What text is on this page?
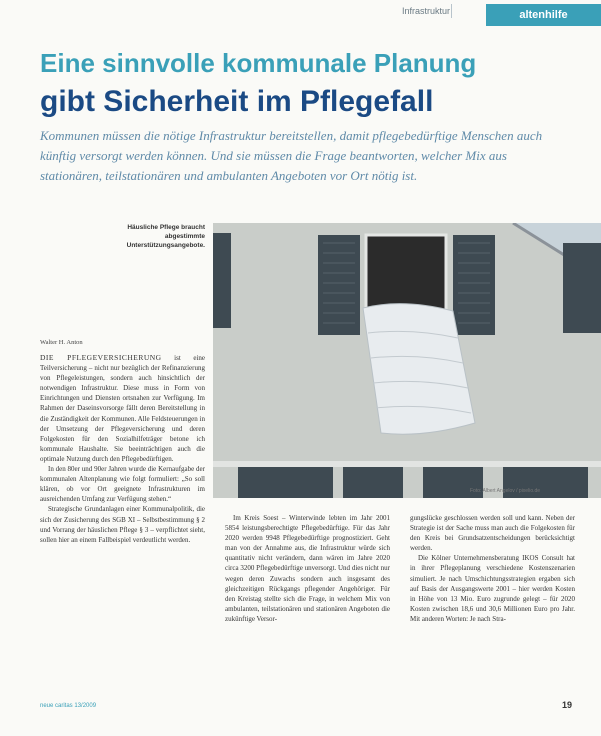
Infrastruktur	altenhilfe
Eine sinnvolle kommunale Planung
gibt Sicherheit im Pflegefall
Kommunen müssen die nötige Infrastruktur bereitstellen, damit pflegebedürftige Menschen auch künftig versorgt werden können. Und sie müssen die Frage beantworten, welcher Mix aus stationären, teilstationären und ambulanten Angeboten vor Ort nötig ist.
Häusliche Pflege braucht abgestimmte Unterstützungsangebote.
Foto: Albert Angelov / pixelio.de
Walter H. Anton

DIE PFLEGEVERSICHERUNG ist eine Teilversicherung – nicht nur bezüglich der Refinanzierung von Pflegeleistungen, sondern auch hinsichtlich der notwendigen Infrastruktur. Diese muss in Form von Einrichtungen und Diensten ortsnahen zur Verfügung. Im Rahmen der Daseinsvorsorge fällt deren Bereitstellung in die Zuständigkeit der Kommunen. Alle Feldsteuerungen in der Umsetzung der Pflegeversicherung und deren Folgekosten für den Sozialhilfeträger betone ich kommunale Haushalte. Sie beeinträchtigen auch die optimale Nutzung durch den Pflegebedürftigen.

In den 80er und 90er Jahren wurde die Kernaufgabe der kommunalen Altenplanung wie folgt formuliert: „So soll klären, ob vor Ort geeignete Infrastrukturen im ausreichenden Umfang zur Verfügung stehen.“

Strategische Grundanlagen einer Kommunalpolitik, die sich der Zusicherung des SGB XI – Selbstbestimmung § 2 und Vorrang der häuslichen Pflege § 3 – verpflichtet sieht, sollen hier an einem Fallbeispiel verdeutlicht werden.

Im Kreis Soest – Winterwinde lebten im Jahr 2001 5854 leistungsberechtigte Pflegebedürftige. Für das Jahr 2020 werden 9948 Pflegebedürftige prognostiziert. Geht man von der Annahme aus, die Infrastruktur würde sich quantitativ nicht verändern, dann wären im Jahre 2020 circa 3200 Pflegebedürftige unversorgt. Und dies nicht nur wegen deren Zuwachs sondern auch insgesamt des gleichzeitigen Rückgangs pflegender Angehöriger. Für den Kreistag stellte sich die Frage, in welchem Mix von ambulanten, teilstationären und stationären Angeboten die zukünftige Versor-

gungslücke geschlossen werden soll und kann. Neben der Strategie ist der Sache muss man auch die Folgekosten für den Kreis bei Grundsatzentscheidungen berücksichtigt werden.

Die Kölner Unternehmensberatung IKOS Consult hat in ihrer Pflegeplanung verschiedene Kostenszenarien simuliert. Je nach Umschichtungsstrategien ergaben sich auf Basis der Ausgangswerte 2001 – hier werden Kosten in Höhe von 13 Mio. Euro zugrunde gelegt – für 2020 Kosten zwischen 18,6 und 30,6 Millionen Euro pro Jahr. Mit anderen Worten: Je nach Stra-

neue caritas 13/2009	19
